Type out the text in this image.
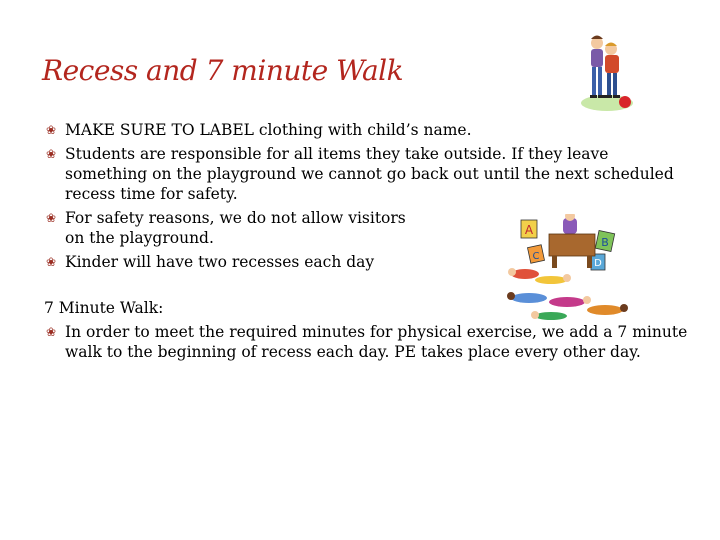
Recess and 7 minute Walk
A
B
C
D
❀ MAKE SURE TO LABEL clothing with child’s name.
❀ Students are responsible for all items they take outside. If they leave something on the playground we cannot go back out until the next scheduled recess time for safety.
❀ For safety reasons, we do not allow visitors on the playground.
❀ Kinder will have two recesses each day
7 Minute Walk:
❀ In order to meet the required minutes for physical exercise, we add a 7 minute walk to the beginning of recess each day. PE takes place every other day.
